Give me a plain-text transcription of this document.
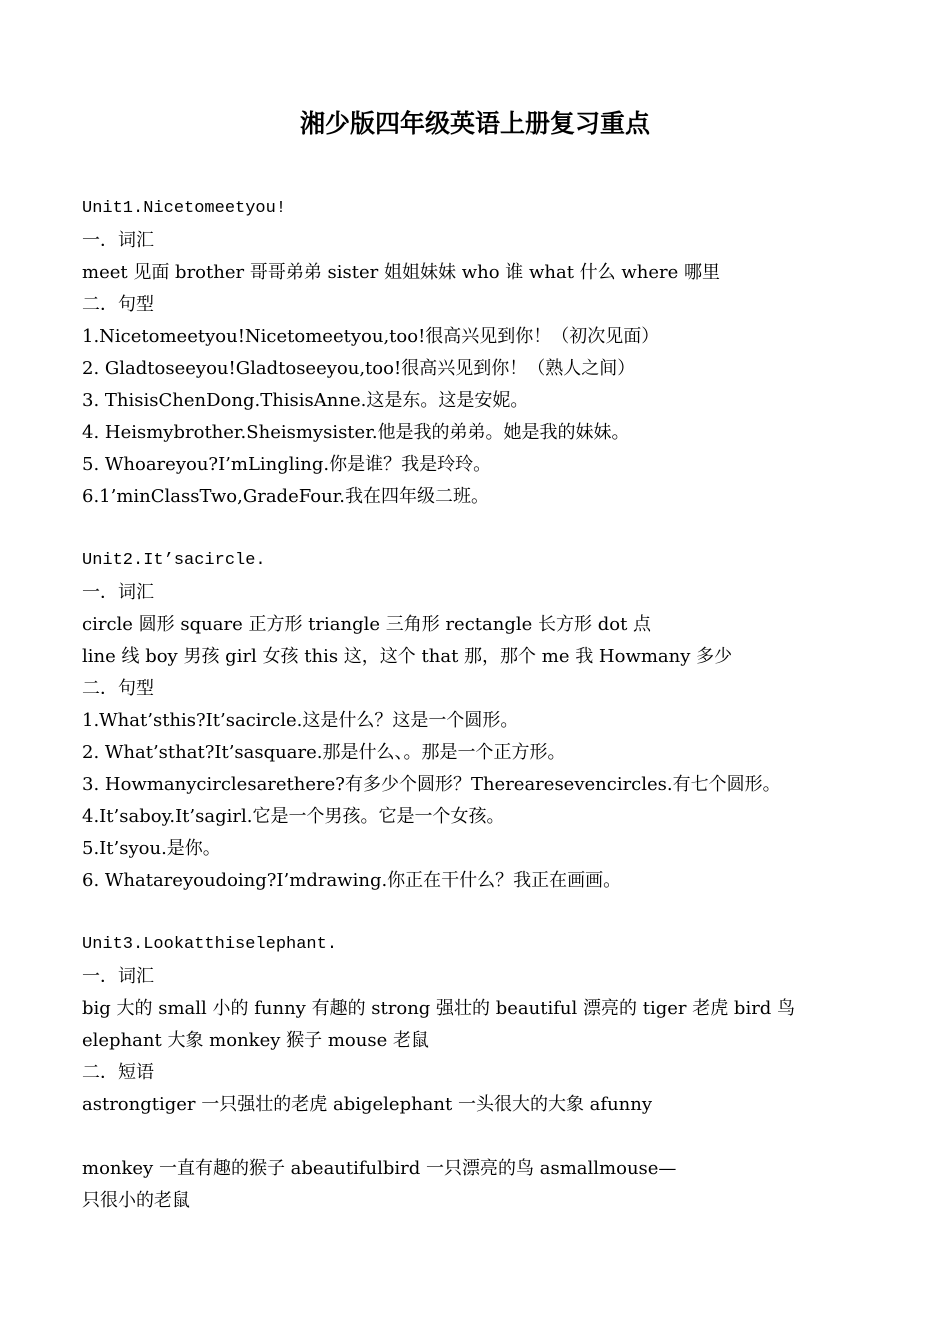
湘少版四年级英语上册复习重点
Unit1.Nicetomeetyou!
一．词汇
meet 见面 brother 哥哥弟弟 sister 姐姐妹妹 who 谁 what 什么 where 哪里
二．句型
1.Nicetomeetyou!Nicetomeetyou,too!很高兴见到你！（初次见面）
2. Gladtoseeyou!Gladtoseeyou,too!很高兴见到你！（熟人之间）
3. ThisisChenDong.ThisisAnne.这是东。这是安妮。
4. Heismybrother.Sheismysister.他是我的弟弟。她是我的妹妹。
5. Whoareyou?I’mLingling.你是谁？我是玲玲。
6.1’minClassTwo,GradeFour.我在四年级二班。
Unit2.It’sacircle.
一．词汇
circle 圆形 square 正方形 triangle 三角形 rectangle 长方形 dot 点
line 线 boy 男孩 girl 女孩 this 这，这个 that 那，那个 me 我 Howmany 多少
二．句型
1.What’sthis?It’sacircle.这是什么？这是一个圆形。
2. What’sthat?It’sasquare.那是什么、。那是一个正方形。
3. Howmanycirclesarethere?有多少个圆形？Therearesevencircles.有七个圆形。
4.It’saboy.It’sagirl.它是一个男孩。它是一个女孩。
5.It’syou.是你。
6. Whatareyoudoing?I’mdrawing.你正在干什么？我正在画画。
Unit3.Lookatthiselephant.
一．词汇
big 大的 small 小的 funny 有趣的 strong 强壮的 beautiful 漂亮的 tiger 老虎 bird 鸟
elephant 大象 monkey 猴子 mouse 老鼠
二．短语
astrongtiger 一只强壮的老虎 abigelephant 一头很大的大象 afunny
monkey 一直有趣的猴子 abeautifulbird 一只漂亮的鸟 asmallmouse—
只很小的老鼠
